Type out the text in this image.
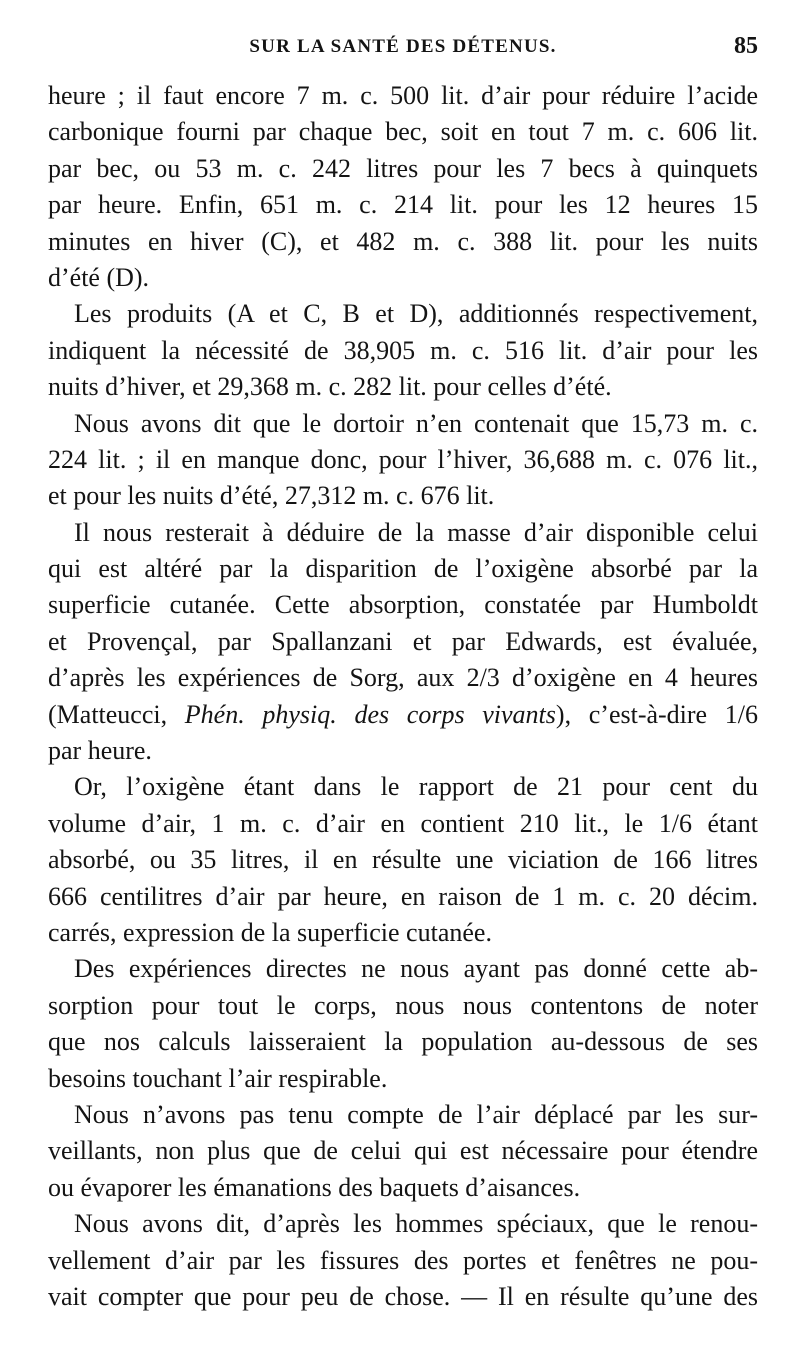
SUR LA SANTÉ DES DÉTENUS.	85
heure ; il faut encore 7 m. c. 500 lit. d’air pour réduire l’acide
carbonique fourni par chaque bec, soit en tout 7 m. c. 606 lit.
par bec, ou 53 m. c. 242 litres pour les 7 becs à quinquets
par heure. Enfin, 651 m. c. 214 lit. pour les 12 heures 15
minutes en hiver (C), et 482 m. c. 388 lit. pour les nuits
d’été (D).
Les produits (A et C, B et D), additionnés respectivement,
indiquent la nécessité de 38,905 m. c. 516 lit. d’air pour les
nuits d’hiver, et 29,368 m. c. 282 lit. pour celles d’été.
Nous avons dit que le dortoir n’en contenait que 15,73 m. c.
224 lit. ; il en manque donc, pour l’hiver, 36,688 m. c. 076 lit.,
et pour les nuits d’été, 27,312 m. c. 676 lit.
Il nous resterait à déduire de la masse d’air disponible celui
qui est altéré par la disparition de l’oxigène absorbé par la
superficie cutanée. Cette absorption, constatée par Humboldt
et Provençal, par Spallanzani et par Edwards, est évaluée,
d’après les expériences de Sorg, aux 2/3 d’oxigène en 4 heures
(Matteucci, Phén. physiq. des corps vivants), c’est-à-dire 1/6
par heure.
Or, l’oxigène étant dans le rapport de 21 pour cent du
volume d’air, 1 m. c. d’air en contient 210 lit., le 1/6 étant
absorbé, ou 35 litres, il en résulte une viciation de 166 litres
666 centilitres d’air par heure, en raison de 1 m. c. 20 décim.
carrés, expression de la superficie cutanée.
Des expériences directes ne nous ayant pas donné cette ab-
sorption pour tout le corps, nous nous contentons de noter
que nos calculs laisseraient la population au-dessous de ses
besoins touchant l’air respirable.
Nous n’avons pas tenu compte de l’air déplacé par les sur-
veillants, non plus que de celui qui est nécessaire pour étendre
ou évaporer les émanations des baquets d’aisances.
Nous avons dit, d’après les hommes spéciaux, que le renou-
vellement d’air par les fissures des portes et fenêtres ne pou-
vait compter que pour peu de chose. — Il en résulte qu’une des
